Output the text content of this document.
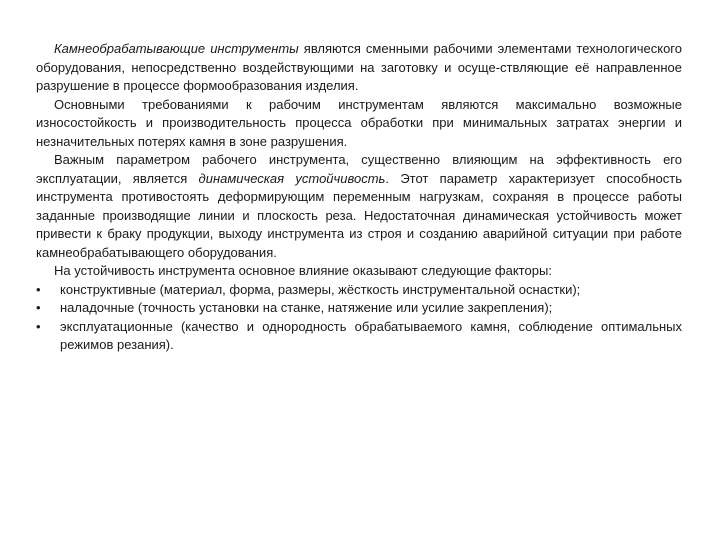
Камнеобрабатывающие инструменты являются сменными рабочими элементами технологического оборудования, непосредственно воздействующими на заготовку и осуще-ствляющие её направленное разрушение в процессе формообразования изделия.

Основными требованиями к рабочим инструментам являются максимально возможные износостойкость и производительность процесса обработки при минимальных затратах энергии и незначительных потерях камня в зоне разрушения.

Важным параметром рабочего инструмента, существенно влияющим на эффективность его эксплуатации, является динамическая устойчивость. Этот параметр характеризует способность инструмента противостоять деформирующим переменным нагрузкам, сохраняя в процессе работы заданные производящие линии и плоскость реза. Недостаточная динамическая устойчивость может привести к браку продукции, выходу инструмента из строя и созданию аварийной ситуации при работе камнеобрабатывающего оборудования.

На устойчивость инструмента основное влияние оказывают следующие факторы:

• конструктивные (материал, форма, размеры, жёсткость инструментальной оснастки);
• наладочные (точность установки на станке, натяжение или усилие закрепления);
• эксплуатационные (качество и однородность обрабатываемого камня, соблюдение оптимальных режимов резания).
